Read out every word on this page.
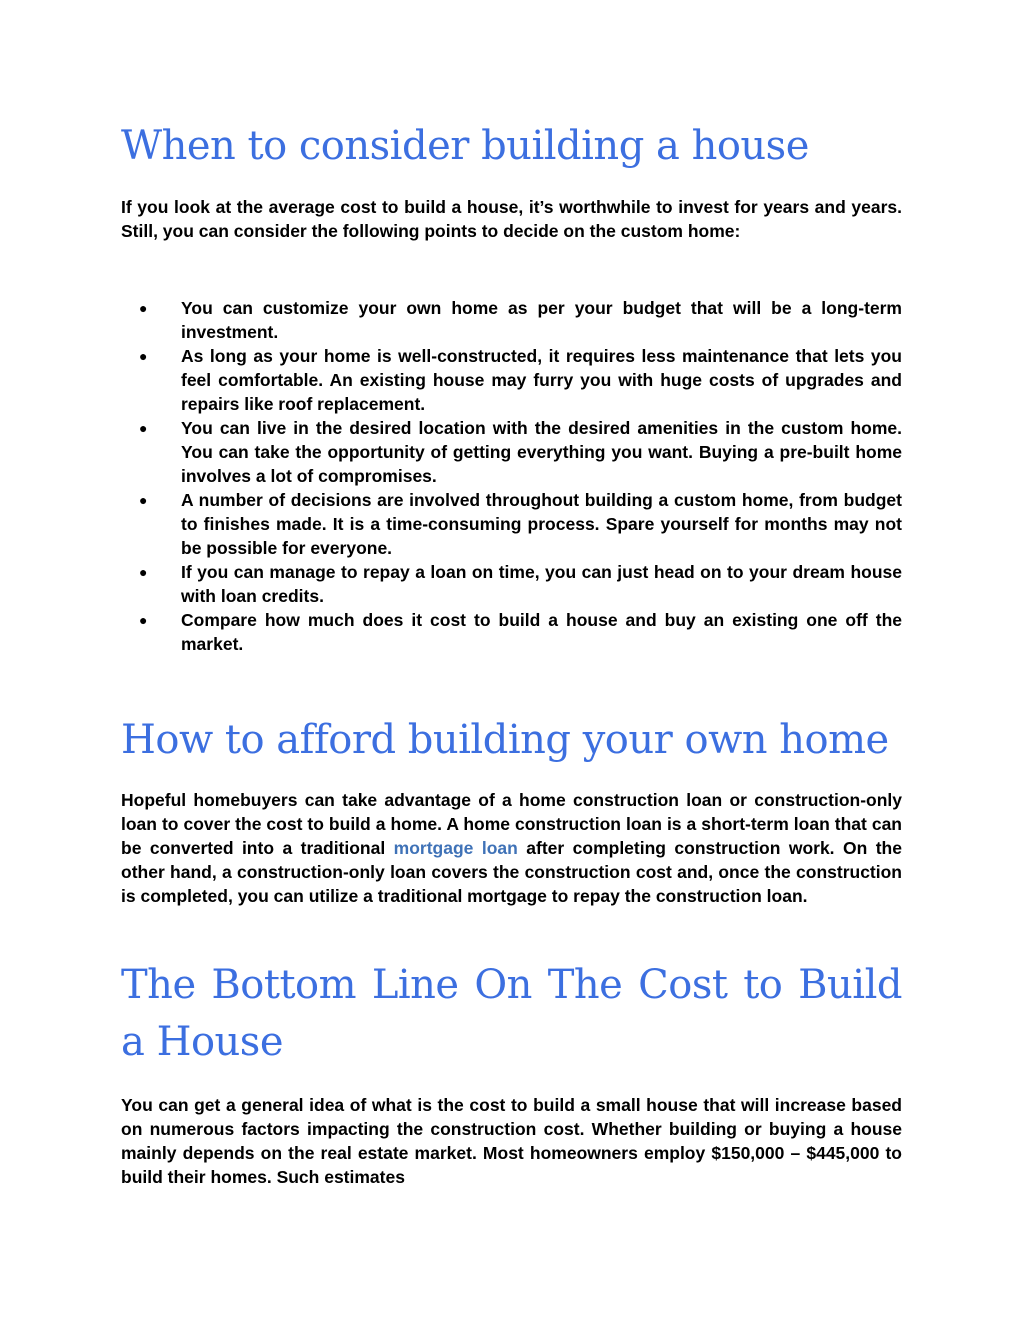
When to consider building a house

If you look at the average cost to build a house, it’s worthwhile to invest for years and years. Still, you can consider the following points to decide on the custom home:

● You can customize your own home as per your budget that will be a long-term investment.
● As long as your home is well-constructed, it requires less maintenance that lets you feel comfortable. An existing house may furry you with huge costs of upgrades and repairs like roof replacement.
● You can live in the desired location with the desired amenities in the custom home. You can take the opportunity of getting everything you want. Buying a pre-built home involves a lot of compromises.
● A number of decisions are involved throughout building a custom home, from budget to finishes made. It is a time-consuming process. Spare yourself for months may not be possible for everyone.
● If you can manage to repay a loan on time, you can just head on to your dream house with loan credits.
● Compare how much does it cost to build a house and buy an existing one off the market.
How to afford building your own home

Hopeful homebuyers can take advantage of a home construction loan or construction-only loan to cover the cost to build a home. A home construction loan is a short-term loan that can be converted into a traditional mortgage loan after completing construction work. On the other hand, a construction-only loan covers the construction cost and, once the construction is completed, you can utilize a traditional mortgage to repay the construction loan.

The Bottom Line On The Cost to Build a House

You can get a general idea of what is the cost to build a small house that will increase based on numerous factors impacting the construction cost. Whether building or buying a house mainly depends on the real estate market. Most homeowners employ $150,000 – $445,000 to build their homes. Such estimates
